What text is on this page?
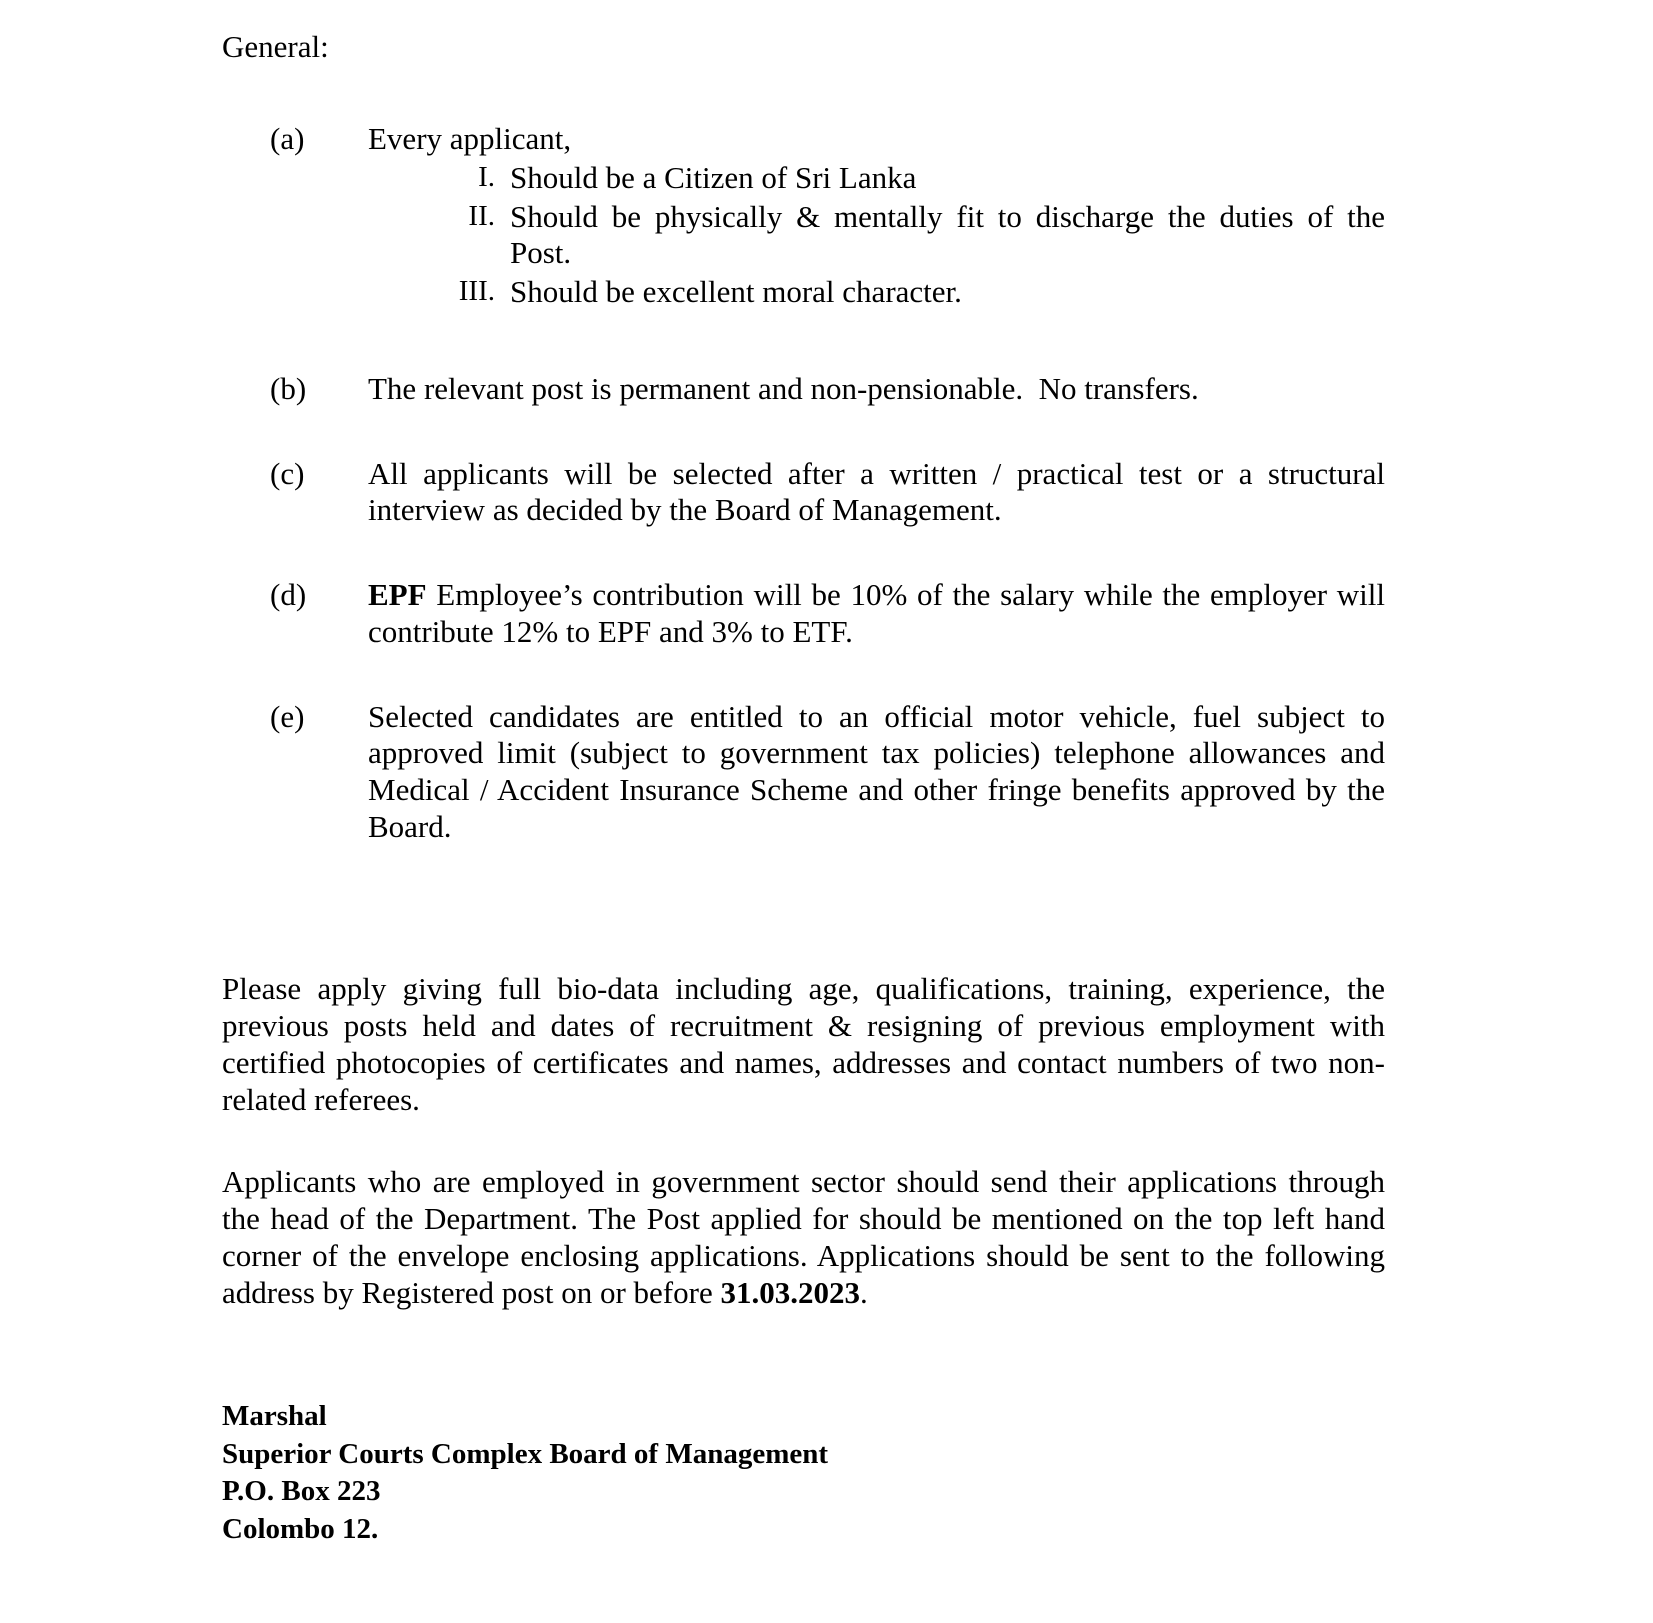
General:
(a)	Every applicant,
I. Should be a Citizen of Sri Lanka
II. Should be physically & mentally fit to discharge the duties of the Post.
III. Should be excellent moral character.
(b)	The relevant post is permanent and non-pensionable.  No transfers.
(c)	All applicants will be selected after a written / practical test or a structural interview as decided by the Board of Management.
(d)	EPF Employee’s contribution will be 10% of the salary while the employer will contribute 12% to EPF and 3% to ETF.
(e)	Selected candidates are entitled to an official motor vehicle, fuel subject to approved limit (subject to government tax policies) telephone allowances and Medical / Accident Insurance Scheme and other fringe benefits approved by the Board.

Please apply giving full bio-data including age, qualifications, training, experience, the previous posts held and dates of recruitment & resigning of previous employment with certified photocopies of certificates and names, addresses and contact numbers of two non-related referees.

Applicants who are employed in government sector should send their applications through the head of the Department. The Post applied for should be mentioned on the top left hand corner of the envelope enclosing applications. Applications should be sent to the following address by Registered post on or before 31.03.2023.

Marshal
Superior Courts Complex Board of Management
P.O. Box 223
Colombo 12.
